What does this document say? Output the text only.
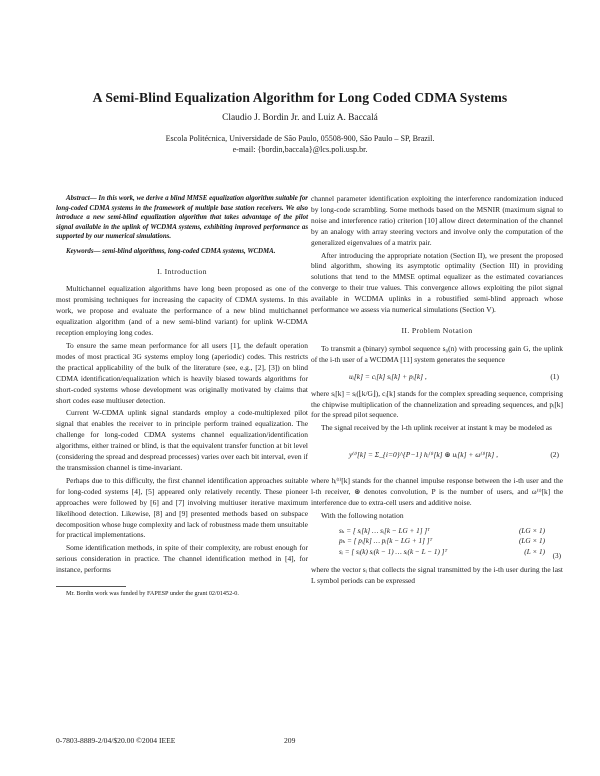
A Semi-Blind Equalization Algorithm for Long Coded CDMA Systems
Claudio J. Bordin Jr. and Luiz A. Baccalá
Escola Politécnica, Universidade de São Paulo, 05508-900, São Paulo – SP, Brazil.
e-mail: {bordin,baccala}@lcs.poli.usp.br.

Abstract— In this work, we derive a blind MMSE equalization algorithm suitable for long-coded CDMA systems in the framework of multiple base station receivers. We also introduce a new semi-blind equalization algorithm that takes advantage of the pilot signal available in the uplink of WCDMA systems, exhibiting improved performance as supported by our numerical simulations.

Keywords— semi-blind algorithms, long-coded CDMA systems, WCDMA.

I. Introduction

Multichannel equalization algorithms have long been proposed as one of the most promising techniques for increasing the capacity of CDMA systems. In this work, we propose and evaluate the performance of a new blind multichannel equalization algorithm (and of a new semi-blind variant) for uplink W-CDMA reception employing long codes.

To ensure the same mean performance for all users [1], the default operation modes of most practical 3G systems employ long (aperiodic) codes. This restricts the practical applicability of the bulk of the literature (see, e.g., [2], [3]) on blind CDMA identification/equalization which is heavily biased towards algorithms for short-coded systems whose development was originally motivated by claims that short codes ease multiuser detection.

Current W-CDMA uplink signal standards employ a code-multiplexed pilot signal that enables the receiver to in principle perform trained equalization. The challenge for long-coded CDMA systems channel equalization/identification algorithms, either trained or blind, is that the equivalent transfer function at bit level (considering the spread and despread processes) varies over each bit interval, even if the transmission channel is time-invariant.

Perhaps due to this difficulty, the first channel identification approaches suitable for long-coded systems [4], [5] appeared only relatively recently. These pioneer approaches were followed by [6] and [7] involving multiuser iterative maximum likelihood detection. Likewise, [8] and [9] presented methods based on subspace decomposition whose huge complexity and lack of robustness made them unsuitable for practical implementations.

Some identification methods, in spite of their complexity, are robust enough for serious consideration in practice. The channel identification method in [4], for instance, performs

Mr. Bordin work was funded by FAPESP under the grant 02/01452-0.

channel parameter identification exploiting the interference randomization induced by long-code scrambling. Some methods based on the MSNIR (maximum signal to noise and interference ratio) criterion [10] allow direct determination of the channel by an analogy with array steering vectors and involve only the computation of the generalized eigenvalues of a matrix pair.

After introducing the appropriate notation (Section II), we present the proposed blind algorithm, showing its asymptotic optimality (Section III) in providing solutions that tend to the MMSE optimal equalizer as the estimated covariances converge to their true values. This convergence allows exploiting the pilot signal available in WCDMA uplinks in a robustified semi-blind approach whose performance we assess via numerical simulations (Section V).

II. Problem Notation

To transmit a (binary) symbol sequence s₀(n) with processing gain G, the uplink of the i-th user of a WCDMA [11] system generates the sequence

uᵢ[k] = cᵢ[k] sᵢ[k] + pᵢ[k] ,	(1)

where sᵢ[k] = sᵢ(⌊k/G⌋), cᵢ[k] stands for the complex spreading sequence, comprising the chipwise multiplication of the channelization and spreading sequences, and pᵢ[k] for the spread pilot sequence.

The signal received by the l-th uplink receiver at instant k may be modeled as

y⁽ˡ⁾[k] = Σ_{i=0}^{P−1} hᵢ⁽ˡ⁾[k] ⊛ uᵢ[k] + ω⁽ˡ⁾[k] ,	(2)

where hᵢ⁽ˡ⁾[k] stands for the channel impulse response between the i-th user and the l-th receiver, ⊛ denotes convolution, P is the number of users, and ω⁽ˡ⁾[k] the interference due to extra-cell users and additive noise.

With the following notation

sₖ = [ sᵢ[k] … sᵢ[k − LG + 1] ]ᵀ	(LG × 1)
pₖ = [ pᵢ[k] … pᵢ[k − LG + 1] ]ᵀ	(LG × 1)
sᵢ = [ sᵢ(k) sᵢ(k − 1) … sᵢ(k − L − 1) ]ᵀ	(L × 1) (3)

where the vector sᵢ that collects the signal transmitted by the i-th user during the last L symbol periods can be expressed

0-7803-8889-2/04/$20.00 ©2004 IEEE	209
